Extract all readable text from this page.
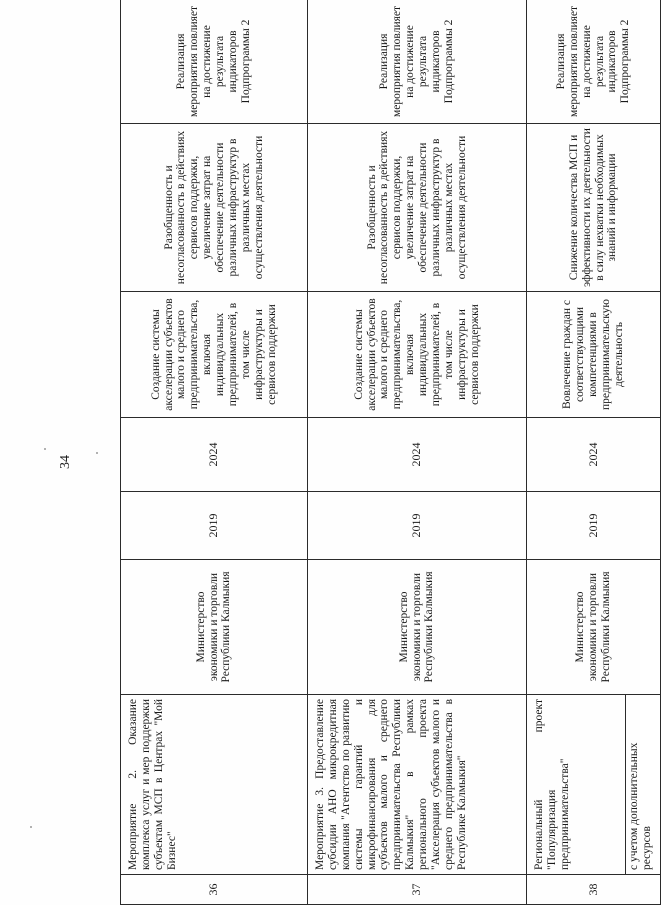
34
36	Мероприятие 2. Оказание комплекса услуг и мер поддержки субъектам МСП в Центрах "Мой Бизнес"	Министерство экономики и торговли Республики Калмыкия	2019	2024	Создание системы акселерации субъектов малого и среднего предпринимательства, включая индивидуальных предпринимателей, в том числе инфраструктуры и сервисов поддержки	Разобщенность и несогласованность в действиях сервисов поддержки, увеличение затрат на обеспечение деятельности различных инфраструктур в различных местах осуществления деятельности	Реализация мероприятия повлияет на достижение результата индикаторов Подпрограммы 2
37	Мероприятие 3. Предоставление субсидии АНО микрокредитная компания "Агентство по развитию системы гарантий и микрофинансирования для субъектов малого и среднего предпринимательства Республики Калмыкия" в рамках регионального проекта "Акселерация субъектов малого и среднего предпринимательства в Республике Калмыкия"	Министерство экономики и торговли Республики Калмыкия	2019	2024	Создание системы акселерации субъектов малого и среднего предпринимательства, включая индивидуальных предпринимателей, в том числе инфраструктуры и сервисов поддержки	Разобщенность и несогласованность в действиях сервисов поддержки, увеличение затрат на обеспечение деятельности различных инфраструктур в различных местах осуществления деятельности	Реализация мероприятия повлияет на достижение результата индикаторов Подпрограммы 2
38	Региональный проект "Популяризация предпринимательства"	Министерство экономики и торговли Республики Калмыкия	2019	2024	Вовлечение граждан с соответствующими компетенциями в предпринимательскую деятельность	Снижение количества МСП и эффективности их деятельности в силу нехватки необходимых знаний и информации	Реализация мероприятия повлияет на достижение результата индикаторов Подпрограммы 2
	с учетом дополнительных ресурсов						
